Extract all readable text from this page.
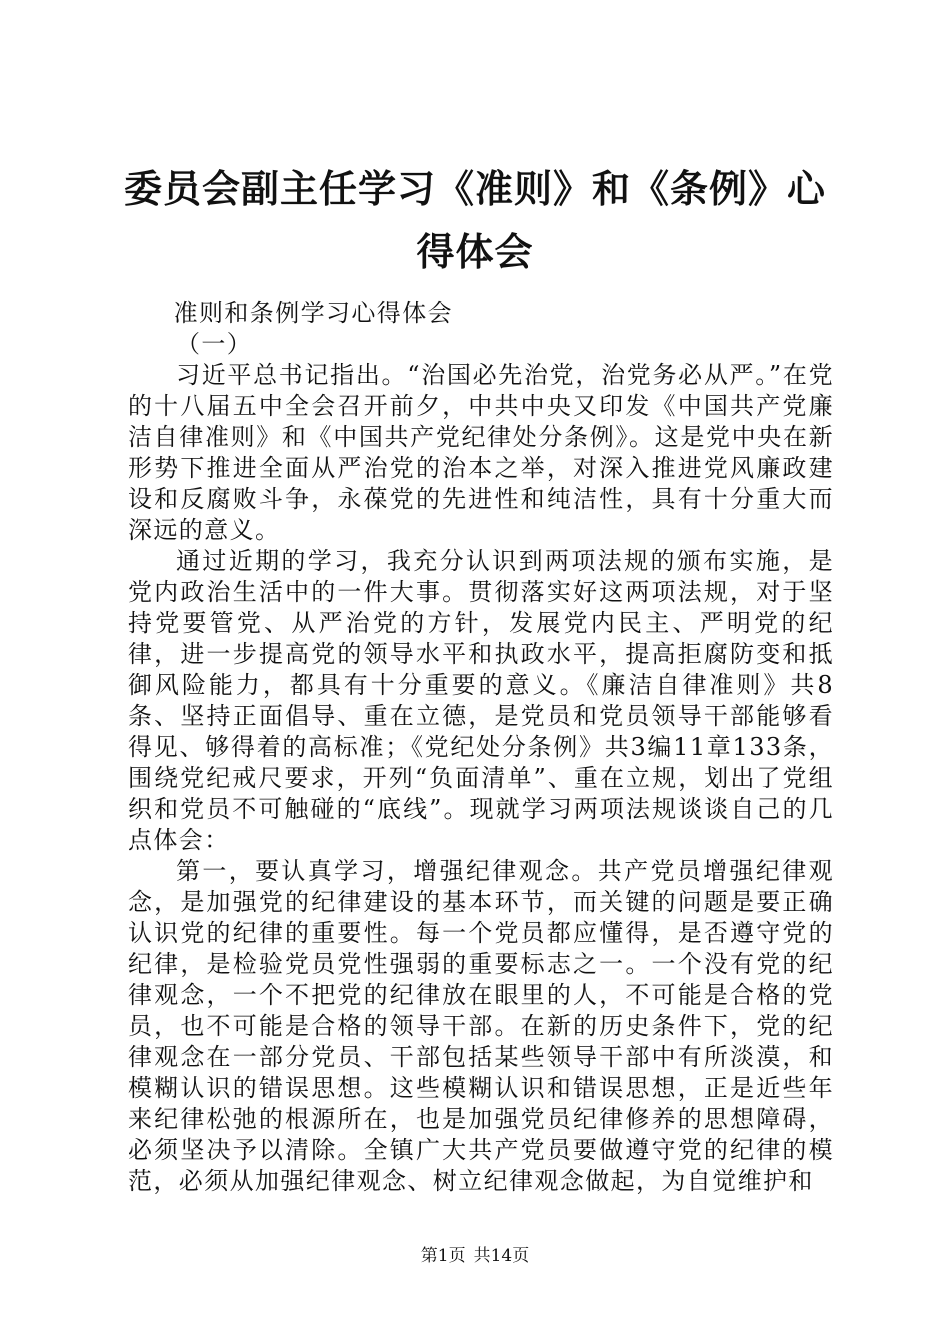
委员会副主任学习《准则》和《条例》心得体会

准则和条例学习心得体会

（一）

习近平总书记指出。“治国必先治党，治党务必从严。”在党的十八届五中全会召开前夕，中共中央又印发《中国共产党廉洁自律准则》和《中国共产党纪律处分条例》。这是党中央在新形势下推进全面从严治党的治本之举，对深入推进党风廉政建设和反腐败斗争，永葆党的先进性和纯洁性，具有十分重大而深远的意义。

通过近期的学习，我充分认识到两项法规的颁布实施，是党内政治生活中的一件大事。贯彻落实好这两项法规，对于坚持党要管党、从严治党的方针，发展党内民主、严明党的纪律，进一步提高党的领导水平和执政水平，提高拒腐防变和抵御风险能力，都具有十分重要的意义。《廉洁自律准则》共8条、坚持正面倡导、重在立德，是党员和党员领导干部能够看得见、够得着的高标准；《党纪处分条例》共3编11章133条，围绕党纪戒尺要求，开列“负面清单”、重在立规，划出了党组织和党员不可触碰的“底线”。现就学习两项法规谈谈自己的几点体会：

第一，要认真学习，增强纪律观念。共产党员增强纪律观念，是加强党的纪律建设的基本环节，而关键的问题是要正确认识党的纪律的重要性。每一个党员都应懂得，是否遵守党的纪律，是检验党员党性强弱的重要标志之一。一个没有党的纪律观念，一个不把党的纪律放在眼里的人，不可能是合格的党员，也不可能是合格的领导干部。在新的历史条件下，党的纪律观念在一部分党员、干部包括某些领导干部中有所淡漠，和模糊认识的错误思想。这些模糊认识和错误思想，正是近些年来纪律松弛的根源所在，也是加强党员纪律修养的思想障碍，必须坚决予以清除。全镇广大共产党员要做遵守党的纪律的模范，必须从加强纪律观念、树立纪律观念做起，为自觉维护和

第1页 共14页
